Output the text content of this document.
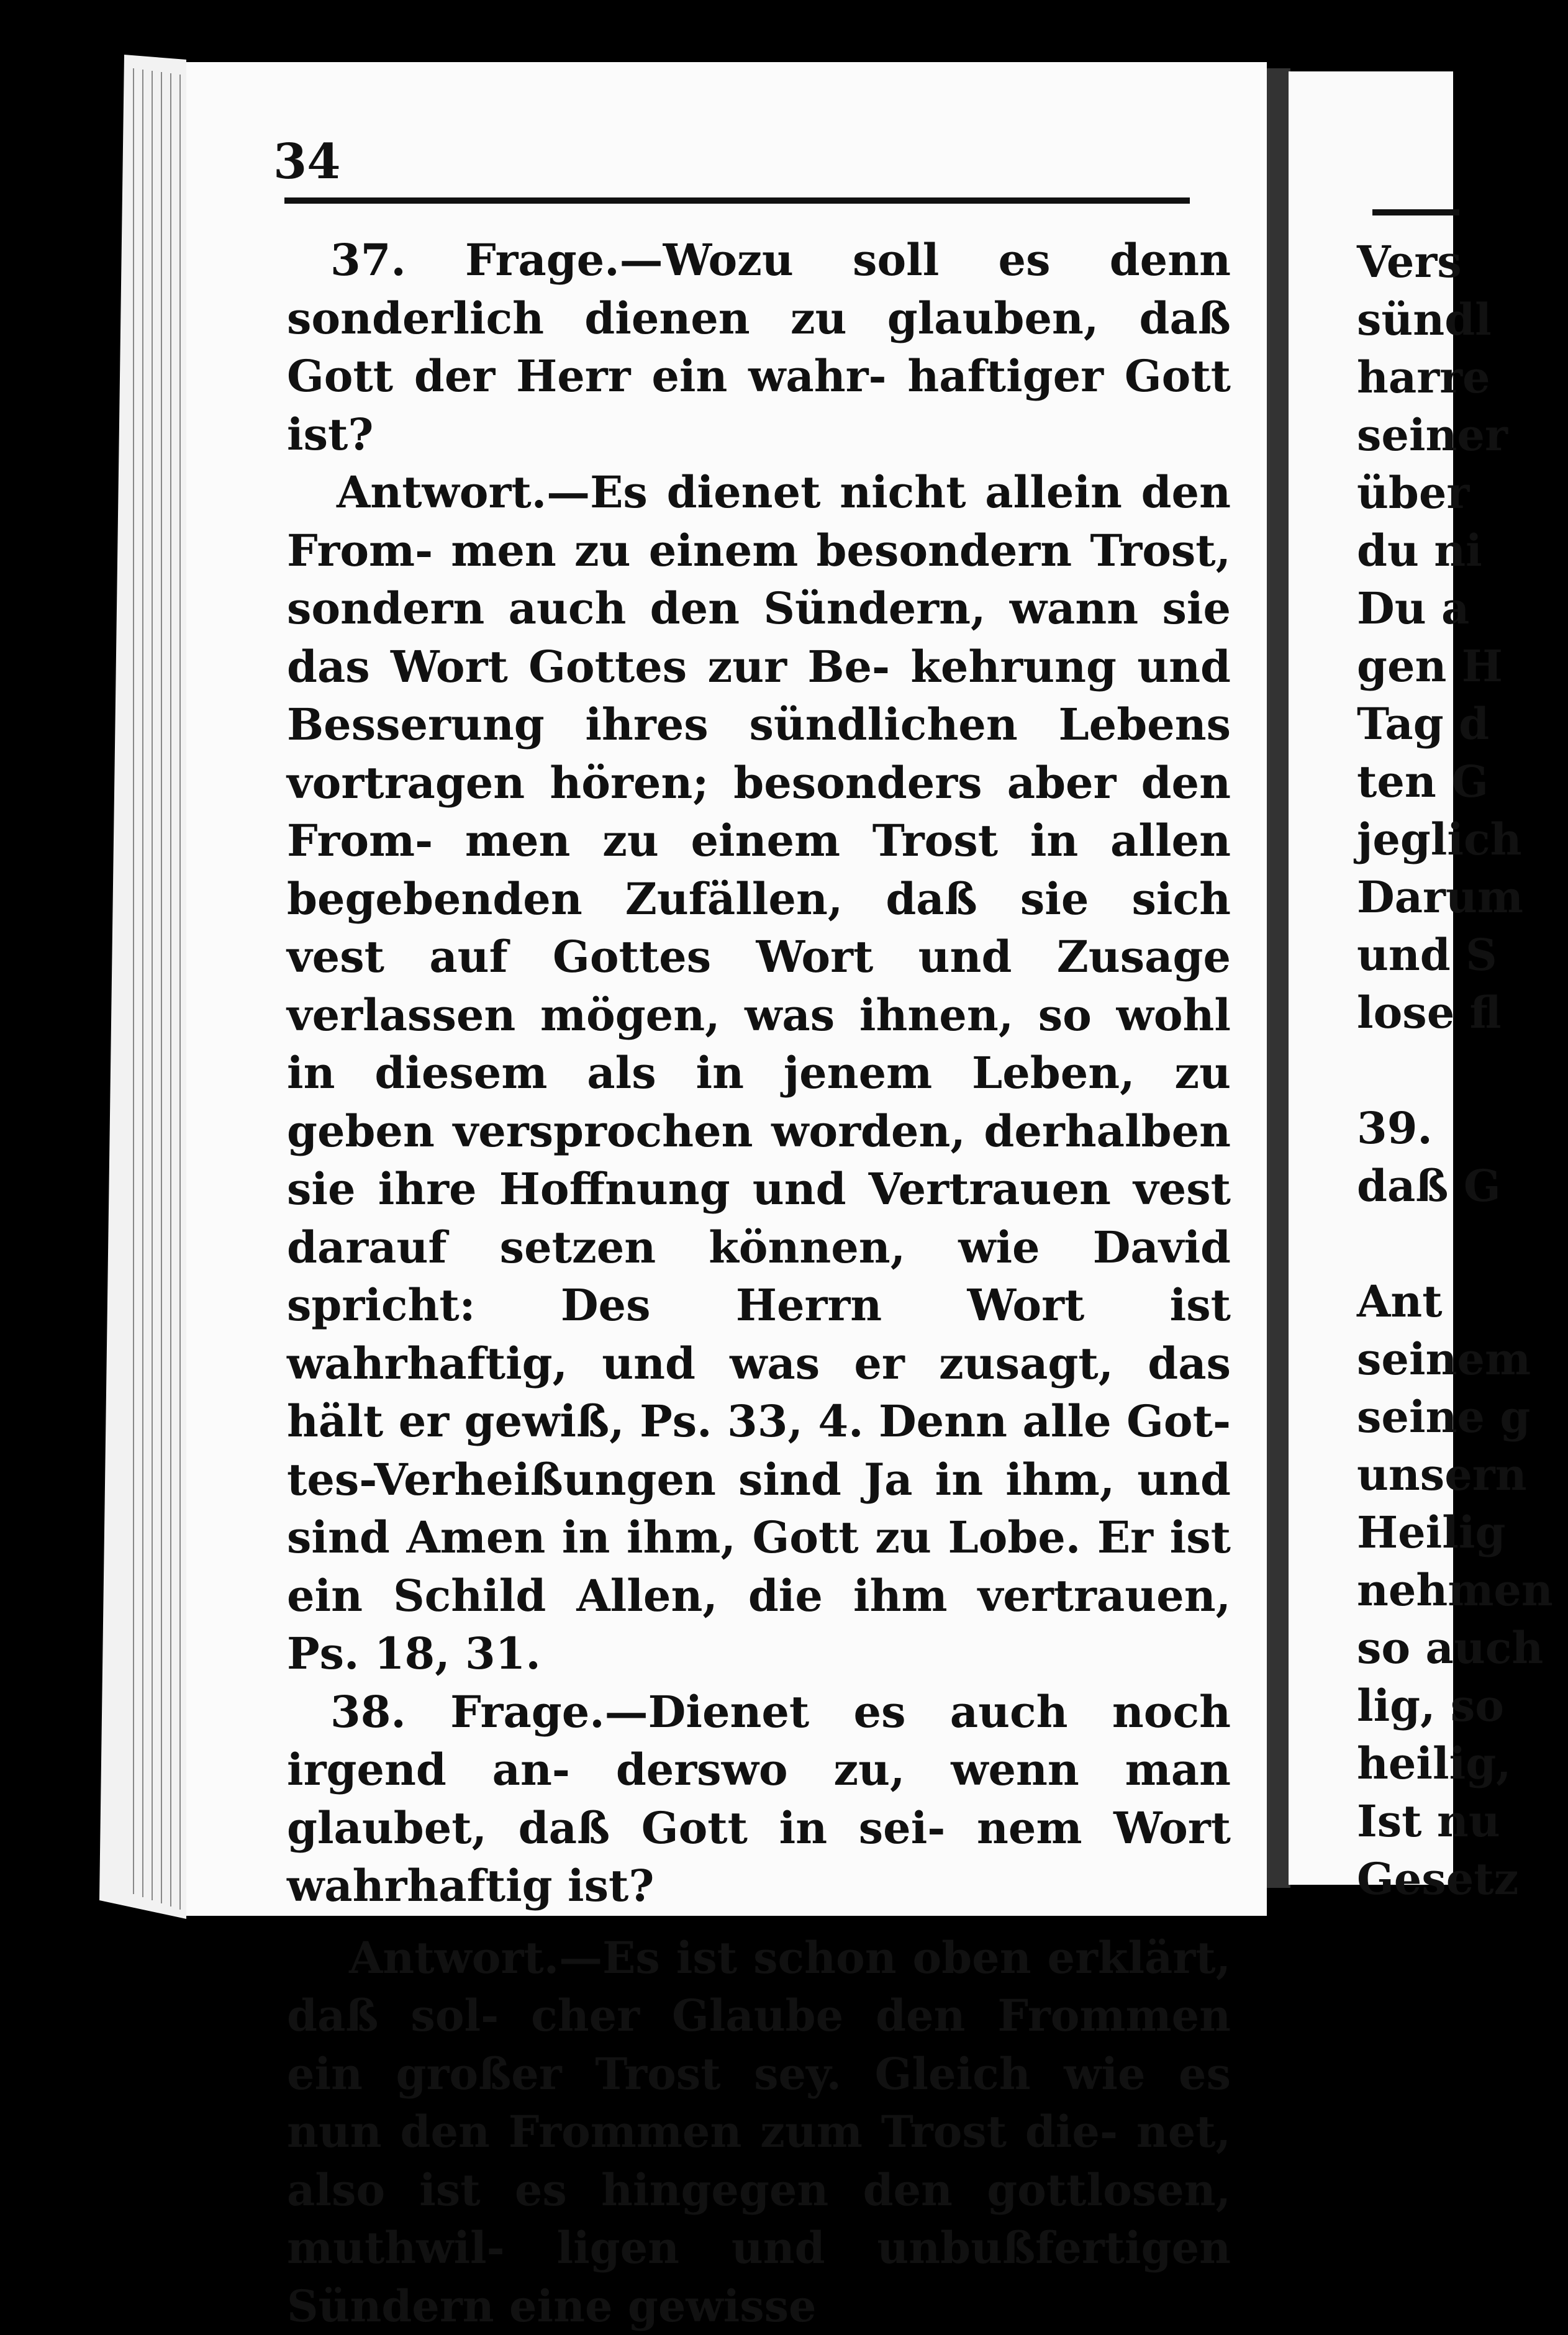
34

37. Frage.—Wozu soll es denn sonderlich dienen zu glauben, daß Gott der Herr ein wahr- haftiger Gott ist?

Antwort.—Es dienet nicht allein den From- men zu einem besondern Trost, sondern auch den Sündern, wann sie das Wort Gottes zur Be- kehrung und Besserung ihres sündlichen Lebens vortragen hören; besonders aber den From- men zu einem Trost in allen begebenden Zufällen, daß sie sich vest auf Gottes Wort und Zusage verlassen mögen, was ihnen, so wohl in diesem als in jenem Leben, zu geben versprochen worden, derhalben sie ihre Hoffnung und Vertrauen vest darauf setzen können, wie David spricht: Des Herrn Wort ist wahrhaftig, und was er zusagt, das hält er gewiß, Ps. 33, 4. Denn alle Got- tes-Verheißungen sind Ja in ihm, und sind Amen in ihm, Gott zu Lobe. Er ist ein Schild Allen, die ihm vertrauen, Ps. 18, 31.

38. Frage.—Dienet es auch noch irgend an- derswo zu, wenn man glaubet, daß Gott in sei- nem Wort wahrhaftig ist?

Antwort.—Es ist schon oben erklärt, daß sol- cher Glaube den Frommen ein großer Trost sey. Gleich wie es nun den Frommen zum Trost die- net, also ist es hingegen den gottlosen, muthwil- ligen und unbußfertigen Sündern eine gewisse

Vers
sündl
harre
seiner
über
du ni
Du a
gen H
Tag d
ten G
jeglich
Darum
und S
lose fl
39.
daß G
Ant
seinem
seine g
unsern
Heilig
nehmen
so auch
lig, so
heilig,
Ist nu
Gesetz
